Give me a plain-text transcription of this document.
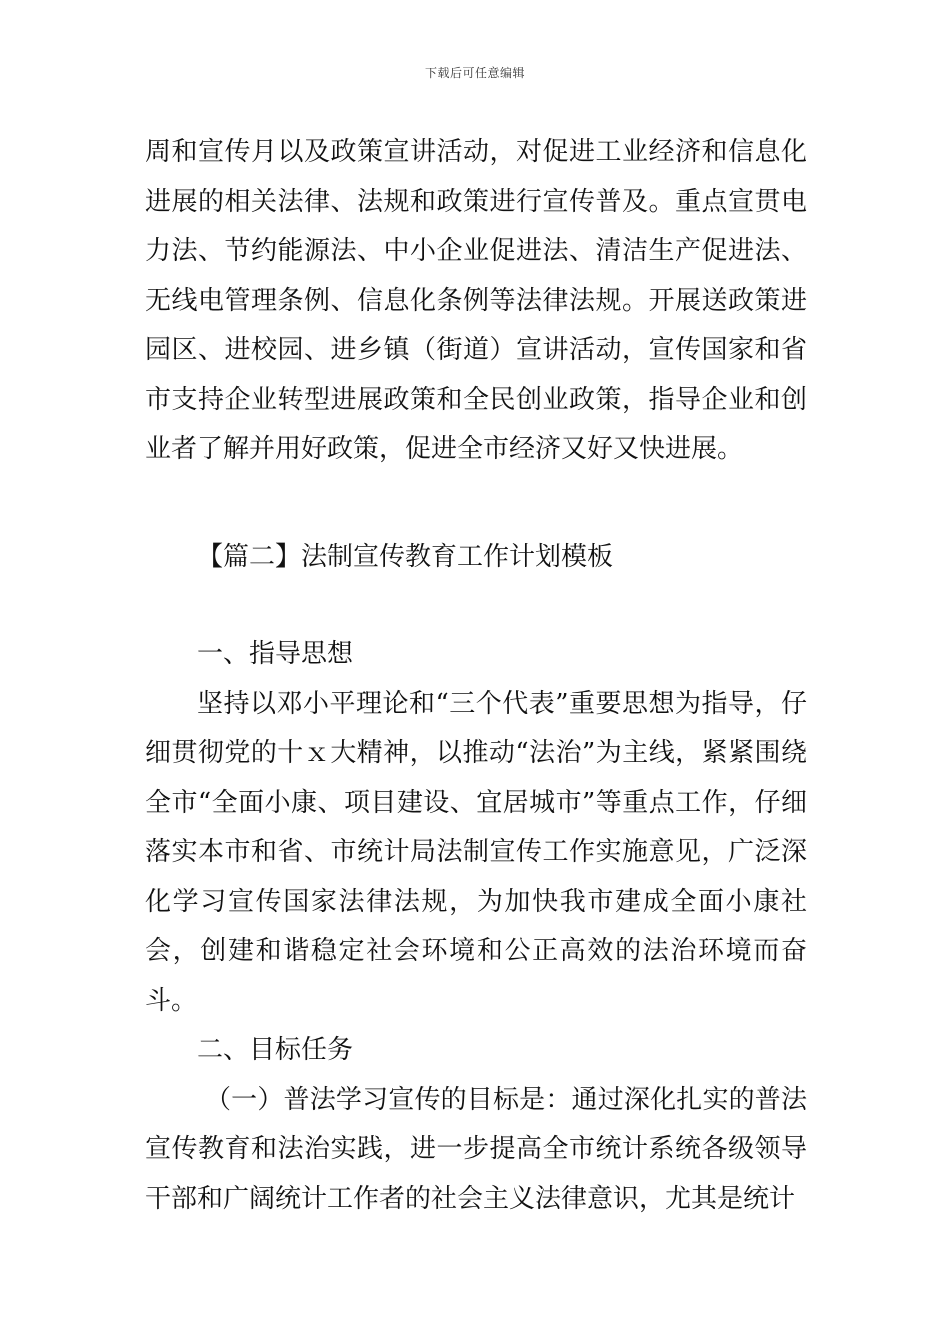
下载后可任意编辑

周和宣传月以及政策宣讲活动，对促进工业经济和信息化进展的相关法律、法规和政策进行宣传普及。重点宣贯电力法、节约能源法、中小企业促进法、清洁生产促进法、无线电管理条例、信息化条例等法律法规。开展送政策进园区、进校园、进乡镇（街道）宣讲活动，宣传国家和省市支持企业转型进展政策和全民创业政策，指导企业和创业者了解并用好政策，促进全市经济又好又快进展。

【篇二】法制宣传教育工作计划模板

一、指导思想

坚持以邓小平理论和“三个代表”重要思想为指导，仔细贯彻党的十ｘ大精神，以推动“法治”为主线，紧紧围绕全市“全面小康、项目建设、宜居城市”等重点工作，仔细落实本市和省、市统计局法制宣传工作实施意见，广泛深化学习宣传国家法律法规，为加快我市建成全面小康社会，创建和谐稳定社会环境和公正高效的法治环境而奋斗。

二、目标任务

（一）普法学习宣传的目标是：通过深化扎实的普法宣传教育和法治实践，进一步提高全市统计系统各级领导干部和广阔统计工作者的社会主义法律意识，尤其是统计
